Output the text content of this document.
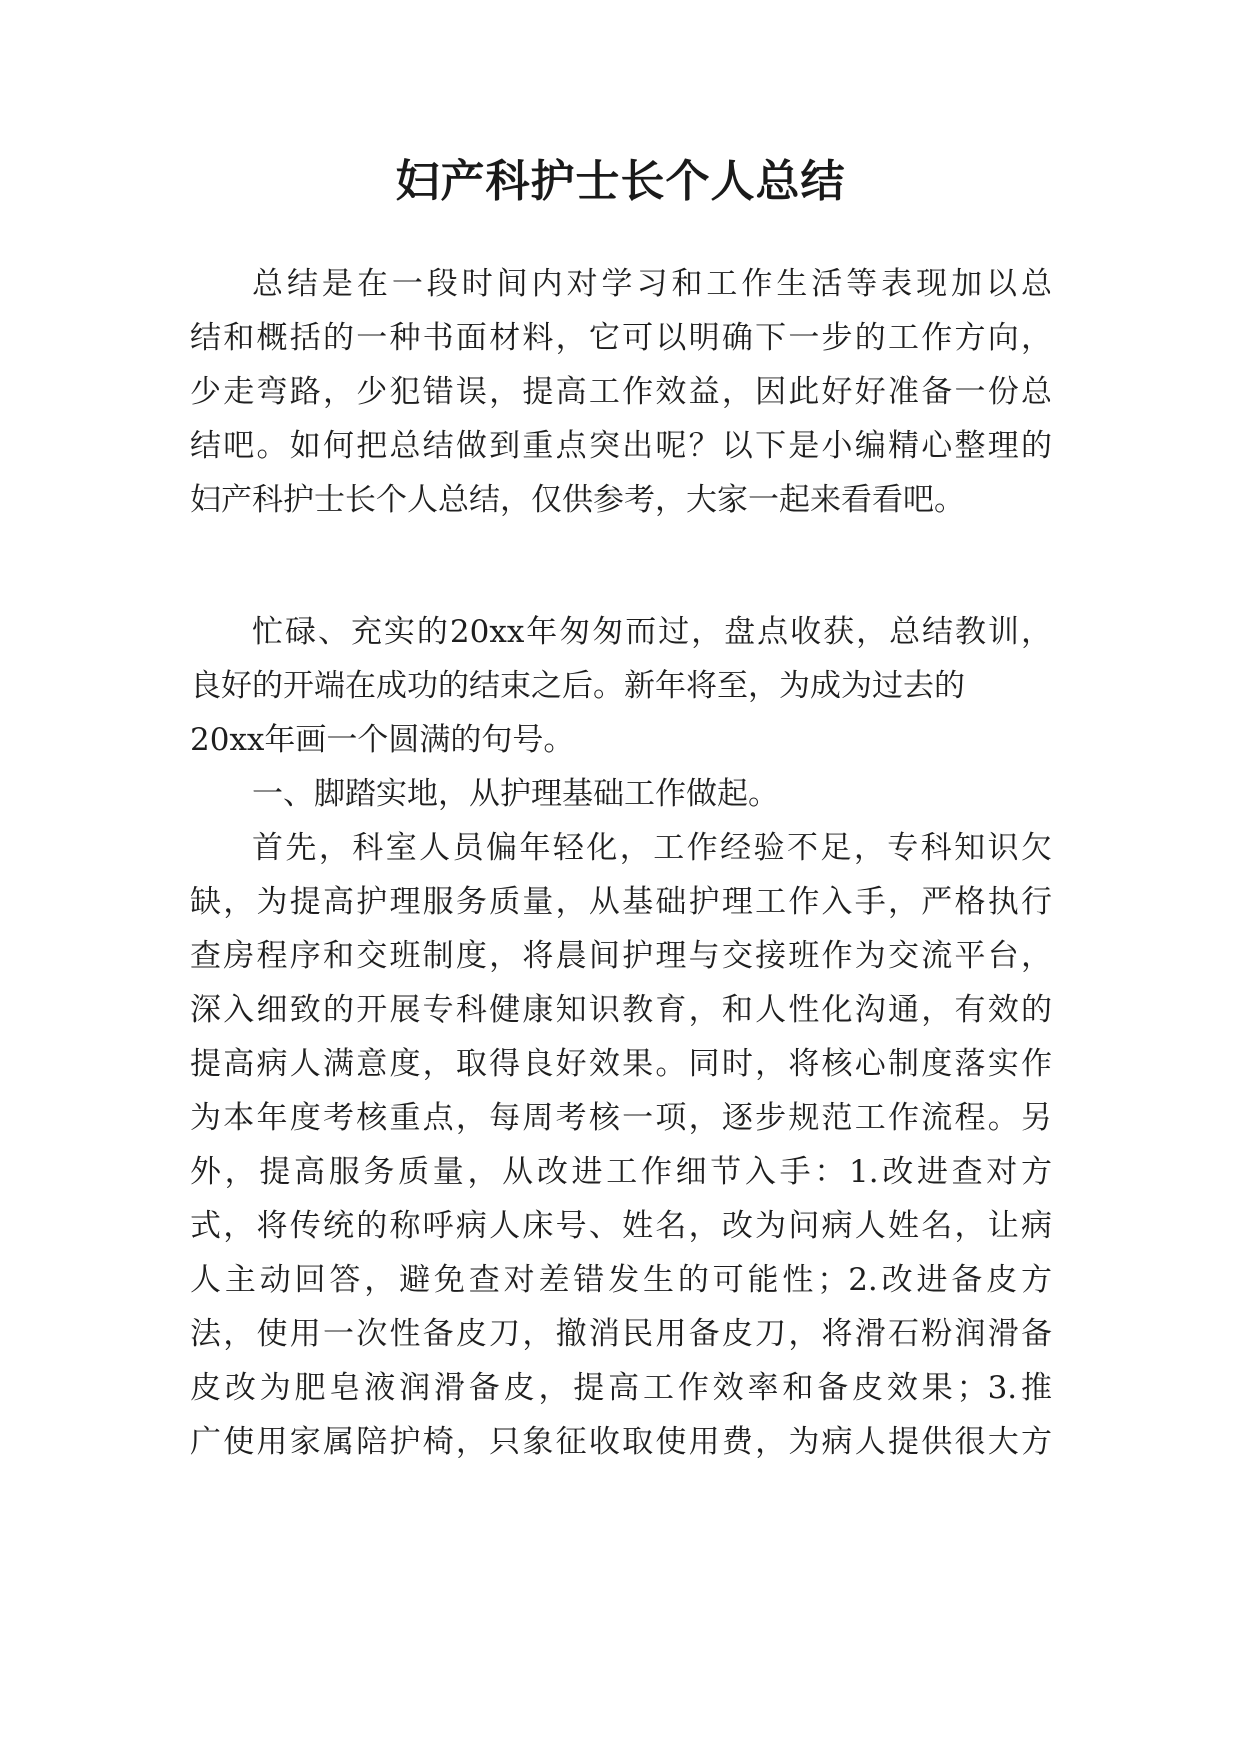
妇产科护士长个人总结
总结是在一段时间内对学习和工作生活等表现加以总
结和概括的一种书面材料，它可以明确下一步的工作方向，
少走弯路，少犯错误，提高工作效益，因此好好准备一份总
结吧。如何把总结做到重点突出呢？以下是小编精心整理的
妇产科护士长个人总结，仅供参考，大家一起来看看吧。
忙碌、充实的20xx年匆匆而过，盘点收获，总结教训，
良好的开端在成功的结束之后。新年将至，为成为过去的
20xx年画一个圆满的句号。
一、脚踏实地，从护理基础工作做起。
首先，科室人员偏年轻化，工作经验不足，专科知识欠
缺，为提高护理服务质量，从基础护理工作入手，严格执行
查房程序和交班制度，将晨间护理与交接班作为交流平台，
深入细致的开展专科健康知识教育，和人性化沟通，有效的
提高病人满意度，取得良好效果。同时，将核心制度落实作
为本年度考核重点，每周考核一项，逐步规范工作流程。另
外，提高服务质量，从改进工作细节入手：1.改进查对方
式，将传统的称呼病人床号、姓名，改为问病人姓名，让病
人主动回答，避免查对差错发生的可能性；2.改进备皮方
法，使用一次性备皮刀，撤消民用备皮刀，将滑石粉润滑备
皮改为肥皂液润滑备皮，提高工作效率和备皮效果；3.推
广使用家属陪护椅，只象征收取使用费，为病人提供很大方
